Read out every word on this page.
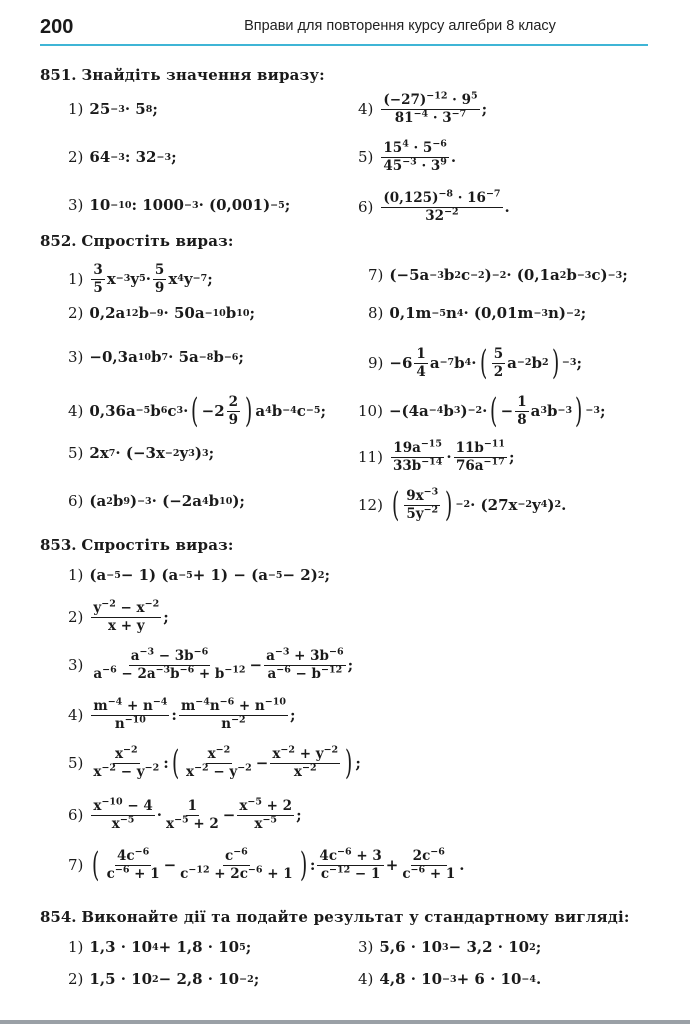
200	Вправи для повторення курсу алгебри 8 класу
851. Знайдіть значення виразу:
1) 25 −3 · 5 8 ;
2) 64 −3 : 32 −3 ;
3) 10 −10 : 1000 −3 · (0,001) −5 ;
4) $(-27)^{-12} \cdot 9^5$
$81^{-4} \cdot 3^{-7}$ ;
5) $15^4 \cdot 5^{-6}$
$45^{-3} \cdot 3^9$ .
6) $(0,125)^{-8} \cdot 16^{-7}$
$32^{-2}$	.
852. Спростіть вираз:
1) 3
5 x −3 y 5 · 5
9 x 4 y −7 ;
2) 0,2a 12 b −9 · 50a −10 b 10 ;
3) −0,3a 10 b 7 · 5a −8 b −6 ;
4) 0,36a −5 b 6 c 3 · ( −2 2
9 ) a 4 b −4 c −5 ;
5) 2x 7 · (−3x −2 y 3 ) 3 ;
6) (a 2 b 9 ) −3 · (−2a 4 b 10 );
7) (−5a −3 b 2 c −2 ) −2 · (0,1a 2 b −3 c) −3 ;
8) 0,1m −5 n 4 · (0,01m −3 n) −2 ;
9) −6 1
4 a −7 b 4 · ( 5
2 a −2 b 2 ) −3 ;
10) −(4a −4 b 3 ) −2 · ( − 1
8 a 3 b −3 ) −3 ;
11) $19a^{-15}$
$33b^{-14} \cdot 11b^{-11}$
$76a^{-17}$ ;
12) ( $9x^{-3}$
$5y^{-2}$ ) −2 · (27x −2 y 4 ) 2 .
853. Спростіть вираз:
1) (a −5 − 1) (a −5 + 1) − (a −5 − 2) 2 ;
2) $y^{-2} - x^{-2}$
x + y ;
3)	$a^{-3} - 3b^{-6}$
$a^{-6} - 2a^{-3}b^{-6} + b^{-12} - a^{-3} + 3b^{-6}$
$a^{-6} - b^{-12}$ ;
4) $m^{-4} + n^{-4}$
$n^{-10}$ : $m^{-4}n^{-6} + n^{-10}$
$n^{-2}$	;
5) $x^{-2}$
$x^{-2} - y^{-2}$ : ( $x^{-2}$
$x^{-2} - y^{-2} - x^{-2} + y^{-2}$
$x^{-2}$ ) ;
6) $x^{-10} - 4$
$x^{-5} \cdot 1$
$x^{-5} + 2 - x^{-5} + 2$
$x^{-5}$ ;
7) ( $4c^{-6}$
$c^{-6} + 1$ −	$c^{-6}$
$c^{-12} + 2c^{-6} + 1$ ) : $4c^{-6} + 3$
$c^{-12} - 1 + 2c^{-6}$
$c^{-6} + 1$ .
854. Виконайте дії та подайте результат у стандартному вигляді:
1) 1,3 · 10 4 + 1,8 · 10 5 ;
2) 1,5 · 10 2 − 2,8 · 10 −2 ;
3) 5,6 · 10 3 − 3,2 · 10 2 ;
4) 4,8 · 10 −3 + 6 · 10 −4 .
